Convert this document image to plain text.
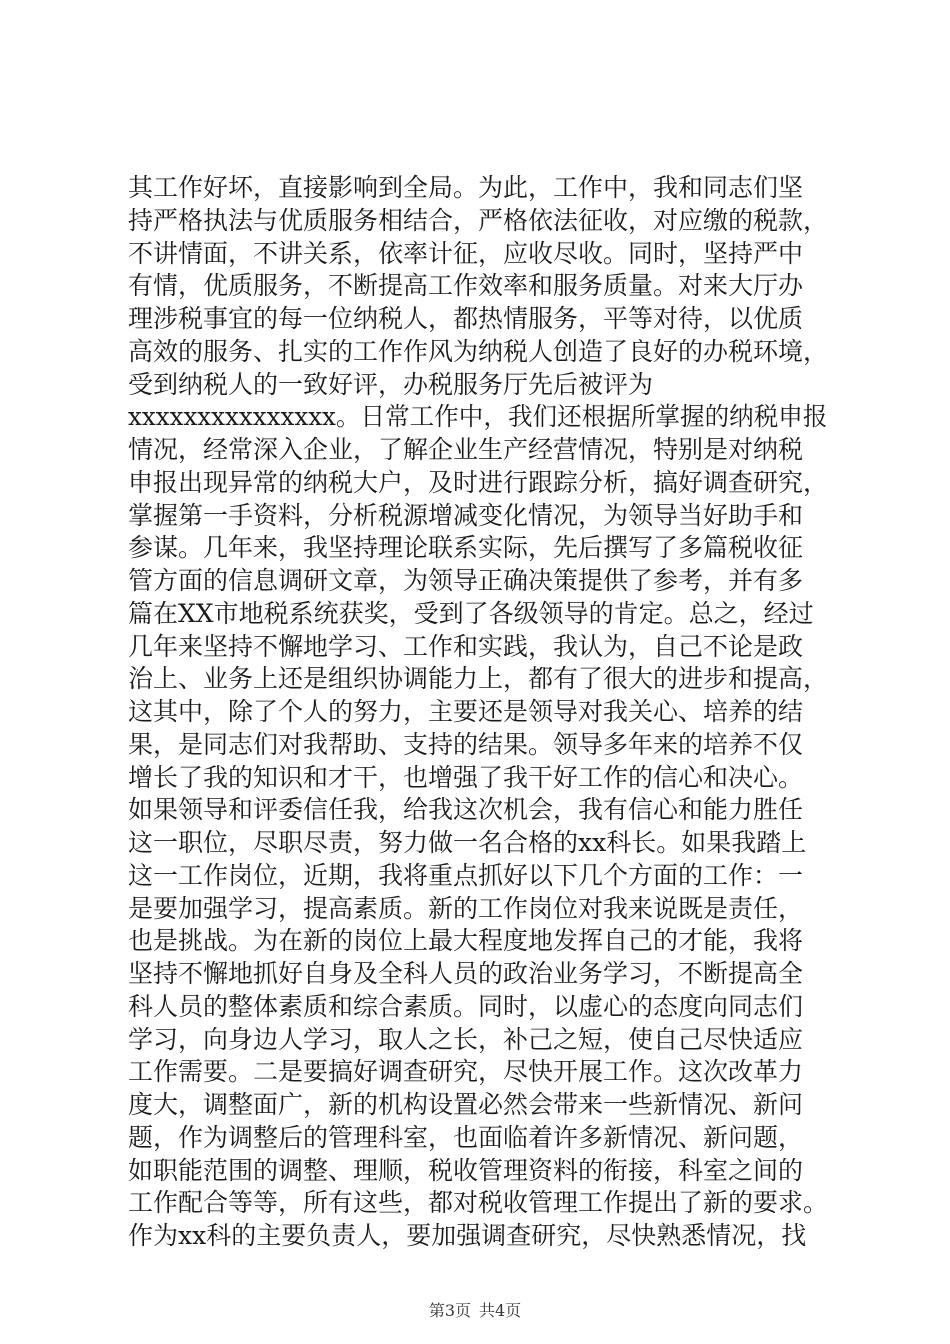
其工作好坏，直接影响到全局。为此，工作中，我和同志们坚
持严格执法与优质服务相结合，严格依法征收，对应缴的税款，
不讲情面，不讲关系，依率计征，应收尽收。同时，坚持严中
有情，优质服务，不断提高工作效率和服务质量。对来大厅办
理涉税事宜的每一位纳税人，都热情服务，平等对待，以优质
高效的服务、扎实的工作作风为纳税人创造了良好的办税环境，
受到纳税人的一致好评，办税服务厅先后被评为
xxxxxxxxxxxxxxx。日常工作中，我们还根据所掌握的纳税申报
情况，经常深入企业，了解企业生产经营情况，特别是对纳税
申报出现异常的纳税大户，及时进行跟踪分析，搞好调查研究，
掌握第一手资料，分析税源增减变化情况，为领导当好助手和
参谋。几年来，我坚持理论联系实际，先后撰写了多篇税收征
管方面的信息调研文章，为领导正确决策提供了参考，并有多
篇在XX市地税系统获奖，受到了各级领导的肯定。总之，经过
几年来坚持不懈地学习、工作和实践，我认为，自己不论是政
治上、业务上还是组织协调能力上，都有了很大的进步和提高，
这其中，除了个人的努力，主要还是领导对我关心、培养的结
果，是同志们对我帮助、支持的结果。领导多年来的培养不仅
增长了我的知识和才干，也增强了我干好工作的信心和决心。
如果领导和评委信任我，给我这次机会，我有信心和能力胜任
这一职位，尽职尽责，努力做一名合格的xx科长。如果我踏上
这一工作岗位，近期，我将重点抓好以下几个方面的工作：一
是要加强学习，提高素质。新的工作岗位对我来说既是责任，
也是挑战。为在新的岗位上最大程度地发挥自己的才能，我将
坚持不懈地抓好自身及全科人员的政治业务学习，不断提高全
科人员的整体素质和综合素质。同时，以虚心的态度向同志们
学习，向身边人学习，取人之长，补己之短，使自己尽快适应
工作需要。二是要搞好调查研究，尽快开展工作。这次改革力
度大，调整面广，新的机构设置必然会带来一些新情况、新问
题，作为调整后的管理科室，也面临着许多新情况、新问题，
如职能范围的调整、理顺，税收管理资料的衔接，科室之间的
工作配合等等，所有这些，都对税收管理工作提出了新的要求。
作为xx科的主要负责人，要加强调查研究，尽快熟悉情况，找
第3页 共4页
